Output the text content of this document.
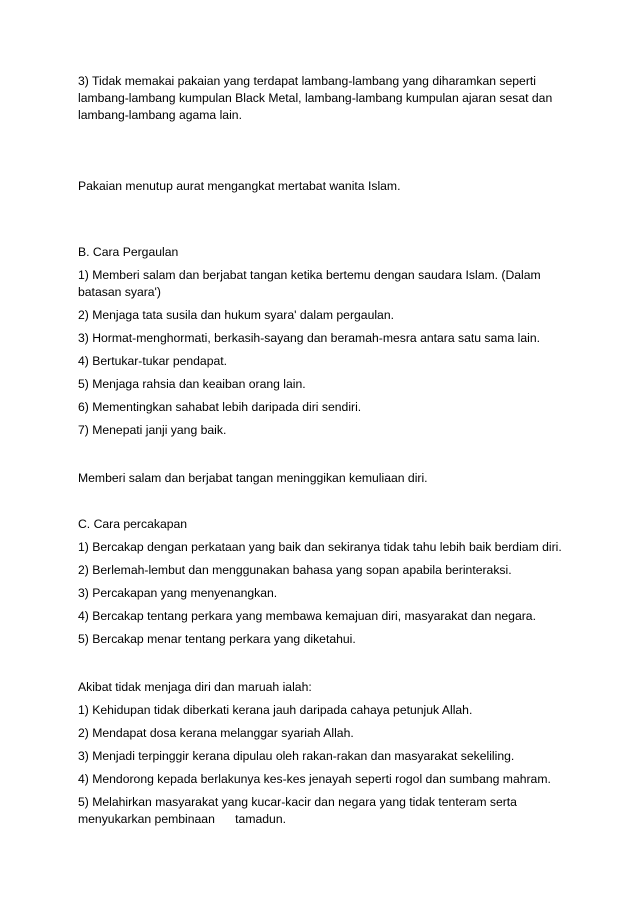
3) Tidak memakai pakaian yang terdapat lambang-lambang yang diharamkan seperti lambang-lambang kumpulan Black Metal, lambang-lambang kumpulan ajaran sesat dan lambang-lambang agama lain.

Pakaian menutup aurat mengangkat mertabat wanita Islam.

B. Cara Pergaulan

1) Memberi salam dan berjabat tangan ketika bertemu dengan saudara Islam. (Dalam batasan syara')

2) Menjaga tata susila dan hukum syara' dalam pergaulan.

3) Hormat-menghormati, berkasih-sayang dan beramah-mesra antara satu sama lain.

4) Bertukar-tukar pendapat.

5) Menjaga rahsia dan keaiban orang lain.

6) Mementingkan sahabat lebih daripada diri sendiri.

7) Menepati janji yang baik.

Memberi salam dan berjabat tangan meninggikan kemuliaan diri.

C. Cara percakapan

1) Bercakap dengan perkataan yang baik dan sekiranya tidak tahu lebih baik berdiam diri.

2) Berlemah-lembut dan menggunakan bahasa yang sopan apabila berinteraksi.

3) Percakapan yang menyenangkan.

4) Bercakap tentang perkara yang membawa kemajuan diri, masyarakat dan negara.

5) Bercakap menar tentang perkara yang diketahui.

Akibat tidak menjaga diri dan maruah ialah:

1) Kehidupan tidak diberkati kerana jauh daripada cahaya petunjuk Allah.

2) Mendapat dosa kerana melanggar syariah Allah.

3) Menjadi terpinggir kerana dipulau oleh rakan-rakan dan masyarakat sekeliling.

4) Mendorong kepada berlakunya kes-kes jenayah seperti rogol dan sumbang mahram.

5) Melahirkan masyarakat yang kucar-kacir dan negara yang tidak tenteram serta menyukarkan pembinaan      tamadun.
